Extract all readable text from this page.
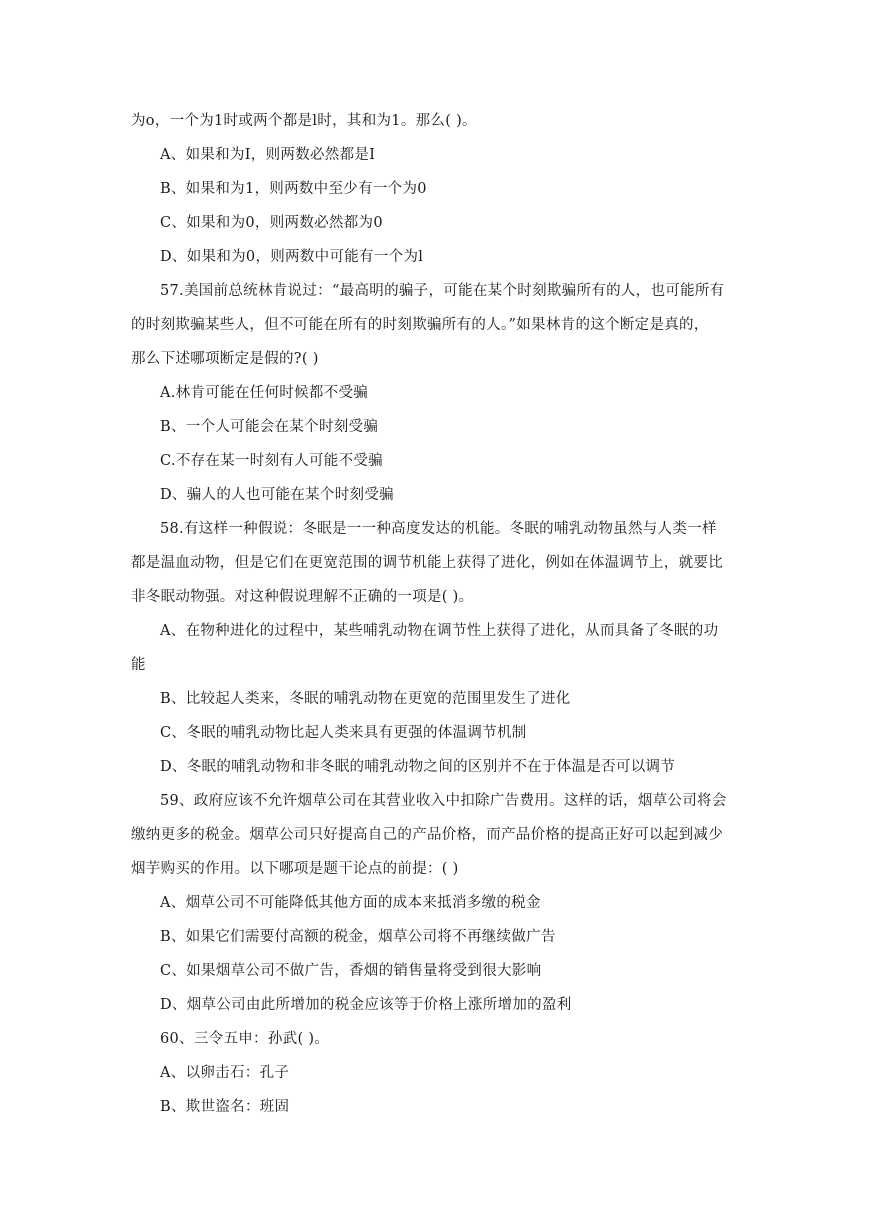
为o，一个为1时或两个都是l时，其和为1。那么( )。
A、如果和为I，则两数必然都是I
B、如果和为1，则两数中至少有一个为0
C、如果和为0，则两数必然都为0
D、如果和为0，则两数中可能有一个为l
57.美国前总统林肯说过：“最高明的骗子，可能在某个时刻欺骗所有的人，也可能所有
的时刻欺骗某些人，但不可能在所有的时刻欺骗所有的人。”如果林肯的这个断定是真的，
那么下述哪项断定是假的?( )
A.林肯可能在任何时候都不受骗
B、一个人可能会在某个时刻受骗
C.不存在某一时刻有人可能不受骗
D、骗人的人也可能在某个时刻受骗
58.有这样一种假说：冬眠是一一种高度发达的机能。冬眠的哺乳动物虽然与人类一样
都是温血动物，但是它们在更宽范围的调节机能上获得了进化，例如在体温调节上，就要比
非冬眠动物强。对这种假说理解不正确的一项是( )。
A、在物种进化的过程中，某些哺乳动物在调节性上获得了进化，从而具备了冬眠的功
能
B、比较起人类来，冬眠的哺乳动物在更宽的范围里发生了进化
C、冬眠的哺乳动物比起人类来具有更强的体温调节机制
D、冬眠的哺乳动物和非冬眠的哺乳动物之间的区别并不在于体温是否可以调节
59、政府应该不允许烟草公司在其营业收入中扣除广告费用。这样的话，烟草公司将会
缴纳更多的税金。烟草公司只好提高自己的产品价格，而产品价格的提高正好可以起到减少
烟芋购买的作用。以下哪项是题干论点的前提：( )
A、烟草公司不可能降低其他方面的成本来抵消多缴的税金
B、如果它们需要付高额的税金，烟草公司将不再继续做广告
C、如果烟草公司不做广告，香烟的销售量将受到很大影响
D、烟草公司由此所增加的税金应该等于价格上涨所增加的盈利
60、三令五申：孙武( )。
A、以卵击石：孔子
B、欺世盗名：班固
